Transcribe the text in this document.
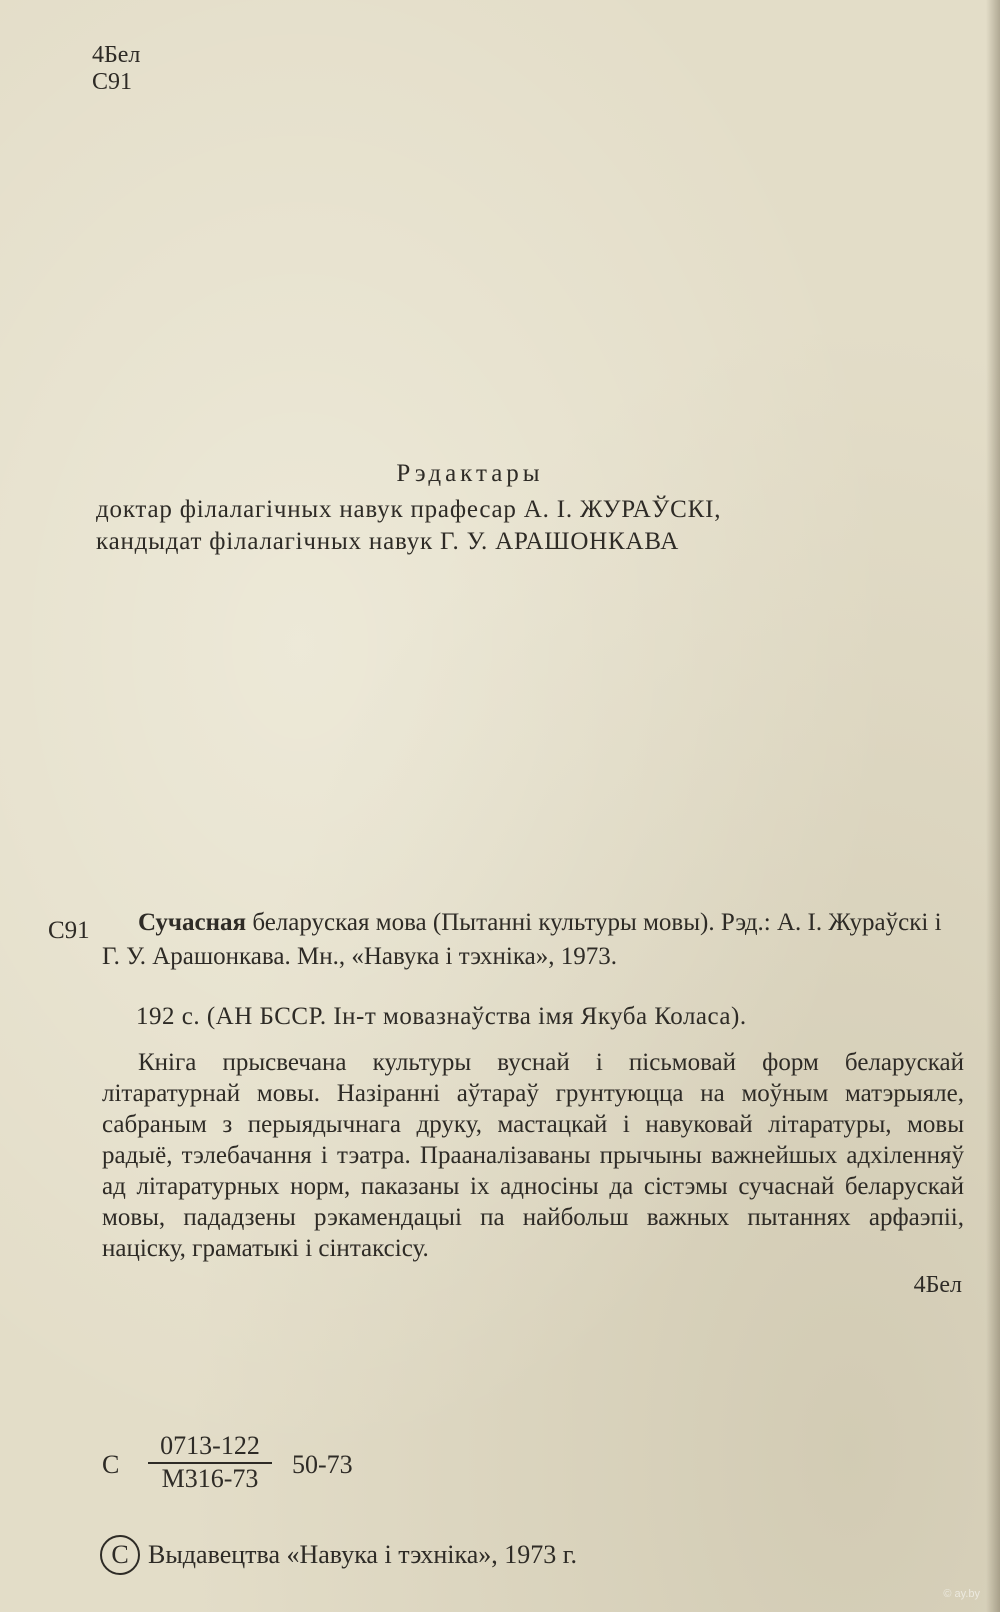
4Бел
С91
Рэдактары
доктар філалагічных навук прафесар А. І. ЖУРАЎСКІ,
кандыдат філалагічных навук Г. У. АРАШОНКАВА
С91	Сучасная беларуская мова (Пытанні культуры мовы). Рэд.: А. І. Жураўскі і Г. У. Арашонкава. Мн., «Навука і тэхніка», 1973.
192 с. (АН БССР. Ін-т мовазнаўства імя Якуба Коласа).
Кніга прысвечана культуры вуснай і пісьмовай форм беларускай літаратурнай мовы. Назіранні аўтараў грунтуюцца на моўным матэрыяле, сабраным з перыядычнага друку, мастацкай і навуковай літаратуры, мовы радыё, тэлебачання і тэатра. Прааналізаваны прычыны важнейшых адхіленняў ад літаратурных норм, паказаны іх адносіны да сістэмы сучаснай беларускай мовы, пададзены рэкамендацыі па найбольш важных пытаннях арфаэпіі, націску, граматыкі і сінтаксісу.
4Бел
С
0713-122
М316-73	50-73
C Выдавецтва «Навука і тэхніка», 1973 г.
© ay.by
